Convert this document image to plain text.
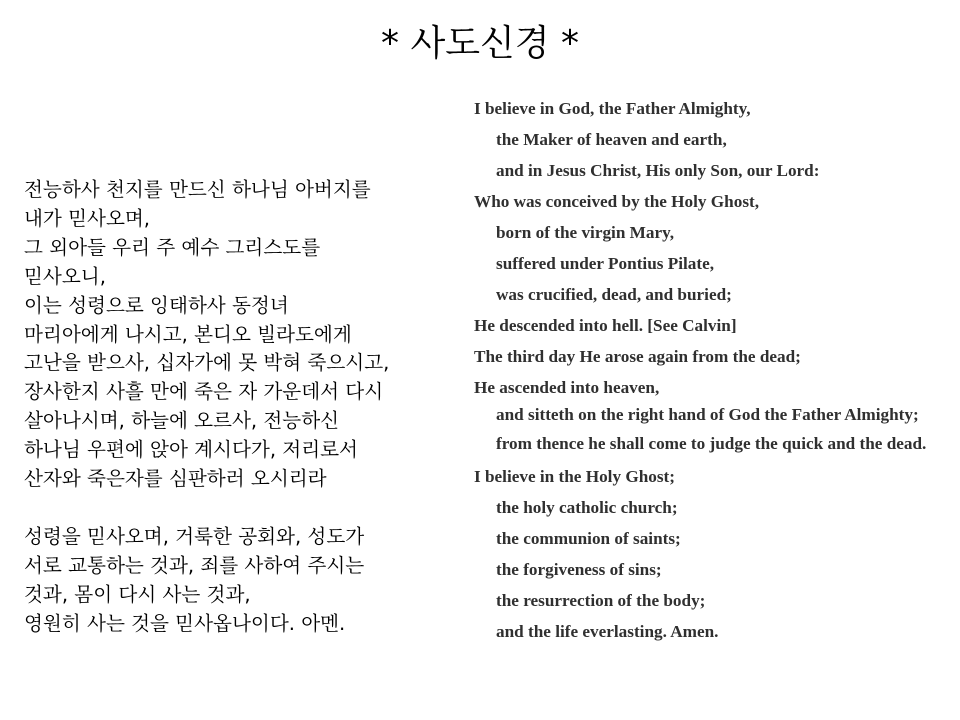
* 사도신경 *
전능하사 천지를 만드신 하나님 아버지를
내가 믿사오며,
그 외아들 우리 주 예수 그리스도를
믿사오니,
이는 성령으로 잉태하사 동정녀
마리아에게 나시고, 본디오 빌라도에게
고난을 받으사, 십자가에 못 박혀 죽으시고,
장사한지 사흘 만에 죽은 자 가운데서 다시
살아나시며, 하늘에 오르사, 전능하신
하나님 우편에 앉아 계시다가, 저리로서
산자와 죽은자를 심판하러 오시리라
성령을 믿사오며, 거룩한 공회와, 성도가
서로 교통하는 것과, 죄를 사하여 주시는
것과, 몸이 다시 사는 것과,
영원히 사는 것을 믿사옵나이다. 아멘.
I believe in God, the Father Almighty,
the Maker of heaven and earth,
and in Jesus Christ, His only Son, our Lord:
Who was conceived by the Holy Ghost,
born of the virgin Mary,
suffered under Pontius Pilate,
was crucified, dead, and buried;
He descended into hell. [See Calvin]
The third day He arose again from the dead;
He ascended into heaven,
and sitteth on the right hand of God the Father Almighty;
from thence he shall come to judge the quick and the dead.
I believe in the Holy Ghost;
the holy catholic church;
the communion of saints;
the forgiveness of sins;
the resurrection of the body;
and the life everlasting. Amen.
